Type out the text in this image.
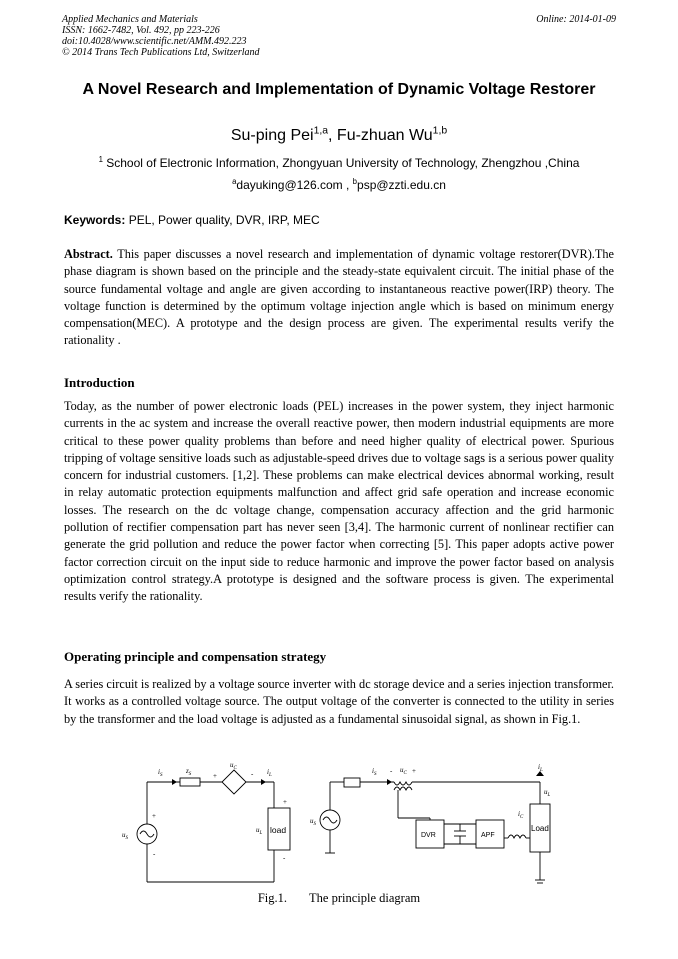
Applied Mechanics and Materials
ISSN: 1662-7482, Vol. 492, pp 223-226
doi:10.4028/www.scientific.net/AMM.492.223
© 2014 Trans Tech Publications Ltd, Switzerland
Online: 2014-01-09
A Novel Research and Implementation of Dynamic Voltage Restorer
Su-ping Pei$^{1,a}$, Fu-zhuan Wu$^{1,b}$
$^1$ School of Electronic Information, Zhongyuan University of Technology, Zhengzhou ,China
$^a$dayuking@126.com , $^b$psp@zzti.edu.cn
Keywords: PEL, Power quality, DVR, IRP, MEC
Abstract. This paper discusses a novel research and implementation of dynamic voltage restorer(DVR).The phase diagram is shown based on the principle and the steady-state equivalent circuit. The initial phase of the source fundamental voltage and angle are given according to instantaneous reactive power(IRP) theory. The voltage function is determined by the optimum voltage injection angle which is based on minimum energy compensation(MEC). A prototype and the design process are given. The experimental results verify the rationality .
Introduction
Today, as the number of power electronic loads (PEL) increases in the power system, they inject harmonic currents in the ac system and increase the overall reactive power, then modern industrial equipments are more critical to these power quality problems than before and need higher quality of electrical power. Spurious tripping of voltage sensitive loads such as adjustable-speed drives due to voltage sags is a serious power quality concern for industrial customers. [1,2]. These problems can make electrical devices abnormal working, result in relay automatic protection equipments malfunction and affect grid safe operation and increase economic losses. The research on the dc voltage change, compensation accuracy affection and the grid harmonic pollution of rectifier compensation part has never seen [3,4]. The harmonic current of nonlinear rectifier can generate the grid pollution and reduce the power factor when correcting [5]. This paper adopts active power factor correction circuit on the input side to reduce harmonic and improve the power factor based on analysis optimization control strategy.A prototype is designed and the software process is given. The experimental results verify the rationality.
Operating principle and compensation strategy
A series circuit is realized by a voltage source inverter with dc storage device and a series injection transformer. It works as a controlled voltage source. The output voltage of the converter is connected to the utility in series by the transformer and the load voltage is adjusted as a fundamental sinusoidal signal, as shown in Fig.1.
$i_S$
$z_S$
$u_C$
+	- $i_L$
$u_S$
+
-
$u_L$
+
-
load
$i_S - u_C$ +	$i_L$
$u_L$
$i_C$
$u_S$
DVR	APF
Load
Fig.1. The principle diagram
